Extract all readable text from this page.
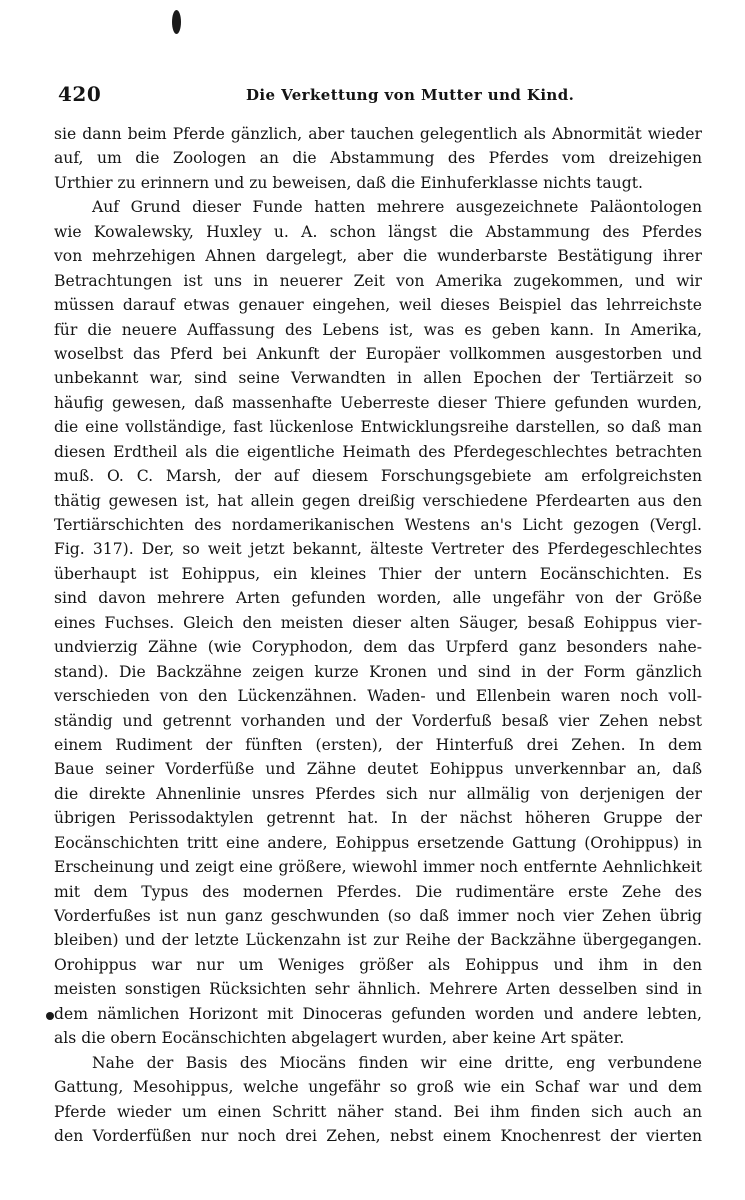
420	Die Verkettung von Mutter und Kind.
sie dann beim Pferde gänzlich, aber tauchen gelegentlich als Abnormität wieder
auf, um die Zoologen an die Abstammung des Pferdes vom dreizehigen
Urthier zu erinnern und zu beweisen, daß die Einhuferklasse nichts taugt.
Auf Grund dieser Funde hatten mehrere ausgezeichnete Paläontologen
wie Kowalewsky, Huxley u. A. schon längst die Abstammung des Pferdes
von mehrzehigen Ahnen dargelegt, aber die wunderbarste Bestätigung ihrer
Betrachtungen ist uns in neuerer Zeit von Amerika zugekommen, und wir
müssen darauf etwas genauer eingehen, weil dieses Beispiel das lehrreichste
für die neuere Auffassung des Lebens ist, was es geben kann. In Amerika,
woselbst das Pferd bei Ankunft der Europäer vollkommen ausgestorben und
unbekannt war, sind seine Verwandten in allen Epochen der Tertiärzeit so
häufig gewesen, daß massenhafte Ueberreste dieser Thiere gefunden wurden,
die eine vollständige, fast lückenlose Entwicklungsreihe darstellen, so daß man
diesen Erdtheil als die eigentliche Heimath des Pferdegeschlechtes betrachten
muß. O. C. Marsh, der auf diesem Forschungsgebiete am erfolgreichsten
thätig gewesen ist, hat allein gegen dreißig verschiedene Pferdearten aus den
Tertiärschichten des nordamerikanischen Westens an's Licht gezogen (Vergl.
Fig. 317). Der, so weit jetzt bekannt, älteste Vertreter des Pferdegeschlechtes
überhaupt ist Eohippus, ein kleines Thier der untern Eocänschichten. Es
sind davon mehrere Arten gefunden worden, alle ungefähr von der Größe
eines Fuchses. Gleich den meisten dieser alten Säuger, besaß Eohippus vier-
undvierzig Zähne (wie Coryphodon, dem das Urpferd ganz besonders nahe-
stand). Die Backzähne zeigen kurze Kronen und sind in der Form gänzlich
verschieden von den Lückenzähnen. Waden- und Ellenbein waren noch voll-
ständig und getrennt vorhanden und der Vorderfuß besaß vier Zehen nebst
einem Rudiment der fünften (ersten), der Hinterfuß drei Zehen. In dem
Baue seiner Vorderfüße und Zähne deutet Eohippus unverkennbar an, daß
die direkte Ahnenlinie unsres Pferdes sich nur allmälig von derjenigen der
übrigen Perissodaktylen getrennt hat. In der nächst höheren Gruppe der
Eocänschichten tritt eine andere, Eohippus ersetzende Gattung (Orohippus) in
Erscheinung und zeigt eine größere, wiewohl immer noch entfernte Aehnlichkeit
mit dem Typus des modernen Pferdes. Die rudimentäre erste Zehe des
Vorderfußes ist nun ganz geschwunden (so daß immer noch vier Zehen übrig
bleiben) und der letzte Lückenzahn ist zur Reihe der Backzähne übergegangen.
Orohippus war nur um Weniges größer als Eohippus und ihm in den
meisten sonstigen Rücksichten sehr ähnlich. Mehrere Arten desselben sind in
dem nämlichen Horizont mit Dinoceras gefunden worden und andere lebten,
als die obern Eocänschichten abgelagert wurden, aber keine Art später.
Nahe der Basis des Miocäns finden wir eine dritte, eng verbundene
Gattung, Mesohippus, welche ungefähr so groß wie ein Schaf war und dem
Pferde wieder um einen Schritt näher stand. Bei ihm finden sich auch an
den Vorderfüßen nur noch drei Zehen, nebst einem Knochenrest der vierten
